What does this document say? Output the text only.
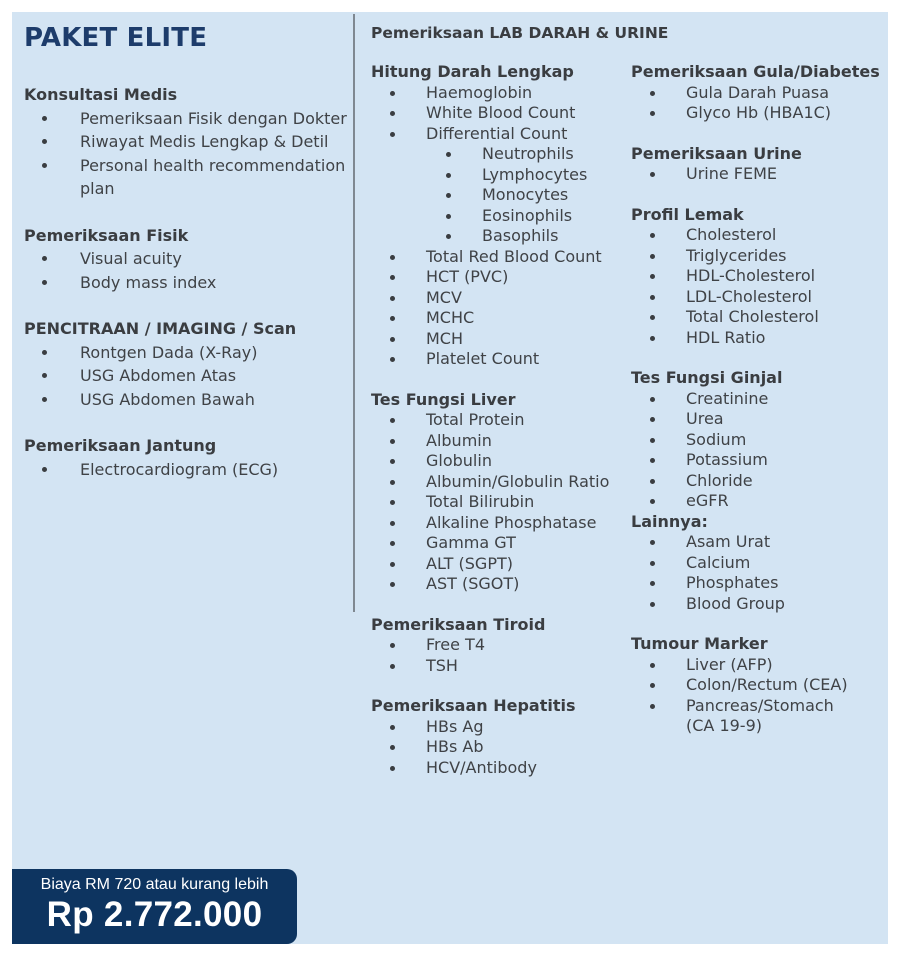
PAKET ELITE
Konsultasi Medis
Pemeriksaan Fisik dengan Dokter
Riwayat Medis Lengkap & Detil
Personal health recommendation plan
Pemeriksaan Fisik
Visual acuity
Body mass index
PENCITRAAN / IMAGING / Scan
Rontgen Dada (X-Ray)
USG Abdomen Atas
USG Abdomen Bawah
Pemeriksaan Jantung
Electrocardiogram (ECG)
Pemeriksaan LAB DARAH & URINE
Hitung Darah Lengkap
Haemoglobin
White Blood Count
Differential Count
Neutrophils
Lymphocytes
Monocytes
Eosinophils
Basophils
Total Red Blood Count
HCT (PVC)
MCV
MCHC
MCH
Platelet Count
Tes Fungsi Liver
Total Protein
Albumin
Globulin
Albumin/Globulin Ratio
Total Bilirubin
Alkaline Phosphatase
Gamma GT
ALT (SGPT)
AST (SGOT)
Pemeriksaan Tiroid
Free T4
TSH
Pemeriksaan Hepatitis
HBs Ag
HBs Ab
HCV/Antibody
Pemeriksaan Gula/Diabetes
Gula Darah Puasa
Glyco Hb (HBA1C)
Pemeriksaan Urine
Urine FEME
Profil Lemak
Cholesterol
Triglycerides
HDL-Cholesterol
LDL-Cholesterol
Total Cholesterol
HDL Ratio
Tes Fungsi Ginjal
Creatinine
Urea
Sodium
Potassium
Chloride
eGFR
Lainnya:
Asam Urat
Calcium
Phosphates
Blood Group
Tumour Marker
Liver (AFP)
Colon/Rectum (CEA)
Pancreas/Stomach (CA 19-9)
Biaya RM 720 atau kurang lebih
Rp 2.772.000
